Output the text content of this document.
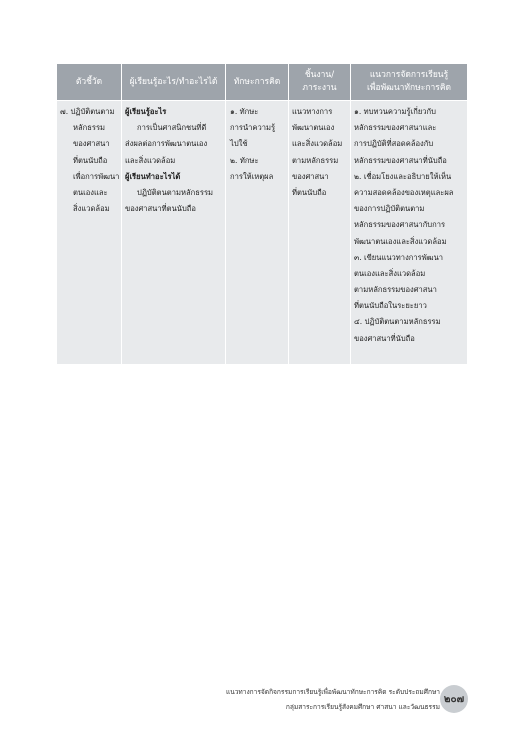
ตัวชี้วัด	ผู้เรียนรู้อะไร/ทำอะไรได้ ทักษะการคิด
ชิ้นงาน/
ภาระงาน
แนวการจัดการเรียนรู้
เพื่อพัฒนาทักษะการคิด
๗. ปฏิบัติตนตาม
หลักธรรม
ของศาสนา
ที่ตนนับถือ
เพื่อการพัฒนา
ตนเองและ
สิ่งแวดล้อม
ผู้เรียนรู้อะไร
การเป็นศาสนิกชนที่ดี
ส่งผลต่อการพัฒนาตนเอง
และสิ่งแวดล้อม
ผู้เรียนทำอะไรได้
ปฏิบัติตนตามหลักธรรม
ของศาสนาที่ตนนับถือ
๑. ทักษะ
การนำความรู้
ไปใช้
๒. ทักษะ
การให้เหตุผล
แนวทางการ
พัฒนาตนเอง
และสิ่งแวดล้อม
ตามหลักธรรม
ของศาสนา
ที่ตนนับถือ
๑. ทบทวนความรู้เกี่ยวกับ
หลักธรรมของศาสนาและ
การปฏิบัติที่สอดคล้องกับ
หลักธรรมของศาสนาที่นับถือ
๒. เชื่อมโยงและอธิบายให้เห็น
ความสอดคล้องของเหตุและผล
ของการปฏิบัติตนตาม
หลักธรรมของศาสนากับการ
พัฒนาตนเองและสิ่งแวดล้อม
๓. เขียนแนวทางการพัฒนา
ตนเองและสิ่งแวดล้อม
ตามหลักธรรมของศาสนา
ที่ตนนับถือในระยะยาว
๔. ปฏิบัติตนตามหลักธรรม
ของศาสนาที่นับถือ
แนวทางการจัดกิจกรรมการเรียนรู้เพื่อพัฒนาทักษะการคิด ระดับประถมศึกษา
กลุ่มสาระการเรียนรู้สังคมศึกษา ศาสนา และวัฒนธรรม
๒๐๗
